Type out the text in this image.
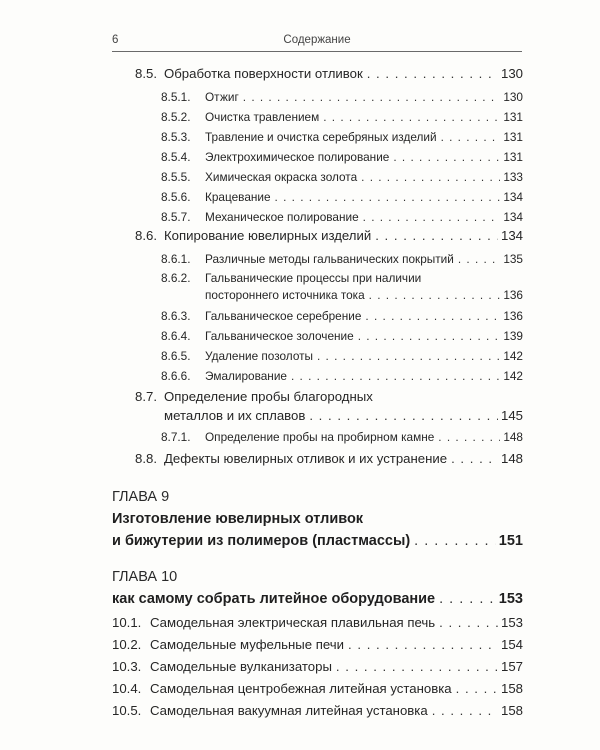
6	Содержание
8.5. Обработка поверхности отливок . . .	130
8.5.1.	Отжиг . . .	130
8.5.2.	Очистка травлением . . .	131
8.5.3.	Травление и очистка серебряных изделий . . .	131
8.5.4.	Электрохимическое полирование . . .	131
8.5.5.	Химическая окраска золота . . .	133
8.5.6.	Крацевание . . .	134
8.5.7.	Механическое полирование . . .	134
8.6. Копирование ювелирных изделий . . .	134
8.6.1.	Различные методы гальванических покрытий . . .	135
8.6.2.	Гальванические процессы при наличии
постороннего источника тока . . .	136
8.6.3.	Гальваническое серебрение . . .	136
8.6.4.	Гальваническое золочение . . .	139
8.6.5.	Удаление позолоты . . .	142
8.6.6.	Эмалирование . . .	142
8.7. Определение пробы благородных
металлов и их сплавов . . .	145
8.7.1.	Определение пробы на пробирном камне . . .	148
8.8. Дефекты ювелирных отливок и их устранение . . .	148
ГЛАВА 9
Изготовление ювелирных отливок
и бижутерии из полимеров (пластмассы) . . .	151
ГЛАВА 10
как самому собрать литейное оборудование . . .	153
10.1. Самодельная электрическая плавильная печь . . .	153
10.2. Самодельные муфельные печи . . .	154
10.3. Самодельные вулканизаторы . . .	157
10.4. Самодельная центробежная литейная установка . . .	158
10.5. Самодельная вакуумная литейная установка . . .	158
